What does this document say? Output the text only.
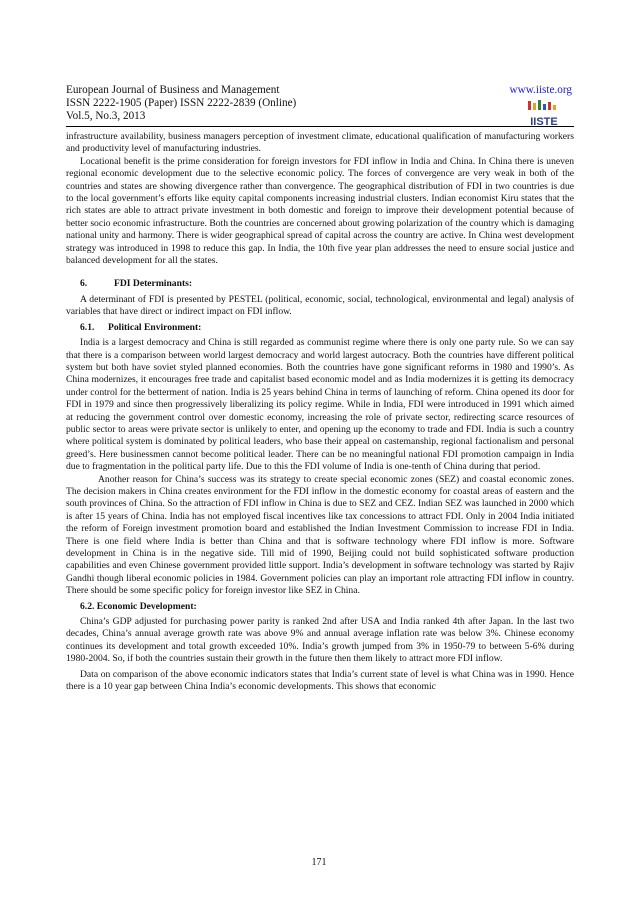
European Journal of Business and Management
ISSN 2222-1905 (Paper) ISSN 2222-2839 (Online)
Vol.5, No.3, 2013
www.iiste.org
IISTE

infrastructure availability, business managers perception of investment climate, educational qualification of manufacturing workers and productivity level of manufacturing industries.

Locational benefit is the prime consideration for foreign investors for FDI inflow in India and China. In China there is uneven regional economic development due to the selective economic policy. The forces of convergence are very weak in both of the countries and states are showing divergence rather than convergence. The geographical distribution of FDI in two countries is due to the local government’s efforts like equity capital components increasing industrial clusters. Indian economist Kiru states that the rich states are able to attract private investment in both domestic and foreign to improve their development potential because of better socio economic infrastructure. Both the countries are concerned about growing polarization of the country which is damaging national unity and harmony. There is wider geographical spread of capital across the country are active. In China west development strategy was introduced in 1998 to reduce this gap. In India, the 10th five year plan addresses the need to ensure social justice and balanced development for all the states.

6.	FDI Determinants:

A determinant of FDI is presented by PESTEL (political, economic, social, technological, environmental and legal) analysis of variables that have direct or indirect impact on FDI inflow.

6.1. Political Environment:

India is a largest democracy and China is still regarded as communist regime where there is only one party rule. So we can say that there is a comparison between world largest democracy and world largest autocracy. Both the countries have different political system but both have soviet styled planned economies. Both the countries have gone significant reforms in 1980 and 1990’s. As China modernizes, it encourages free trade and capitalist based economic model and as India modernizes it is getting its democracy under control for the betterment of nation. India is 25 years behind China in terms of launching of reform. China opened its door for FDI in 1979 and since then progressively liberalizing its policy regime. While in India, FDI were introduced in 1991 which aimed at reducing the government control over domestic economy, increasing the role of private sector, redirecting scarce resources of public sector to areas were private sector is unlikely to enter, and opening up the economy to trade and FDI. India is such a country where political system is dominated by political leaders, who base their appeal on castemanship, regional factionalism and personal greed’s. Here businessmen cannot become political leader. There can be no meaningful national FDI promotion campaign in India due to fragmentation in the political party life. Due to this the FDI volume of India is one-tenth of China during that period.

Another reason for China’s success was its strategy to create special economic zones (SEZ) and coastal economic zones. The decision makers in China creates environment for the FDI inflow in the domestic economy for coastal areas of eastern and the south provinces of China. So the attraction of FDI inflow in China is due to SEZ and CEZ. Indian SEZ was launched in 2000 which is after 15 years of China. India has not employed fiscal incentives like tax concessions to attract FDI. Only in 2004 India initiated the reform of Foreign investment promotion board and established the Indian Investment Commission to increase FDI in India. There is one field where India is better than China and that is software technology where FDI inflow is more. Software development in China is in the negative side. Till mid of 1990, Beijing could not build sophisticated software production capabilities and even Chinese government provided little support. India’s development in software technology was started by Rajiv Gandhi though liberal economic policies in 1984. Government policies can play an important role attracting FDI inflow in country. There should be some specific policy for foreign investor like SEZ in China.

6.2. Economic Development:

China’s GDP adjusted for purchasing power parity is ranked 2nd after USA and India ranked 4th after Japan. In the last two decades, China’s annual average growth rate was above 9% and annual average inflation rate was below 3%. Chinese economy continues its development and total growth exceeded 10%. India’s growth jumped from 3% in 1950-79 to between 5-6% during 1980-2004. So, if both the countries sustain their growth in the future then them likely to attract more FDI inflow.

Data on comparison of the above economic indicators states that India’s current state of level is what China was in 1990. Hence there is a 10 year gap between China India’s economic developments. This shows that economic

171
